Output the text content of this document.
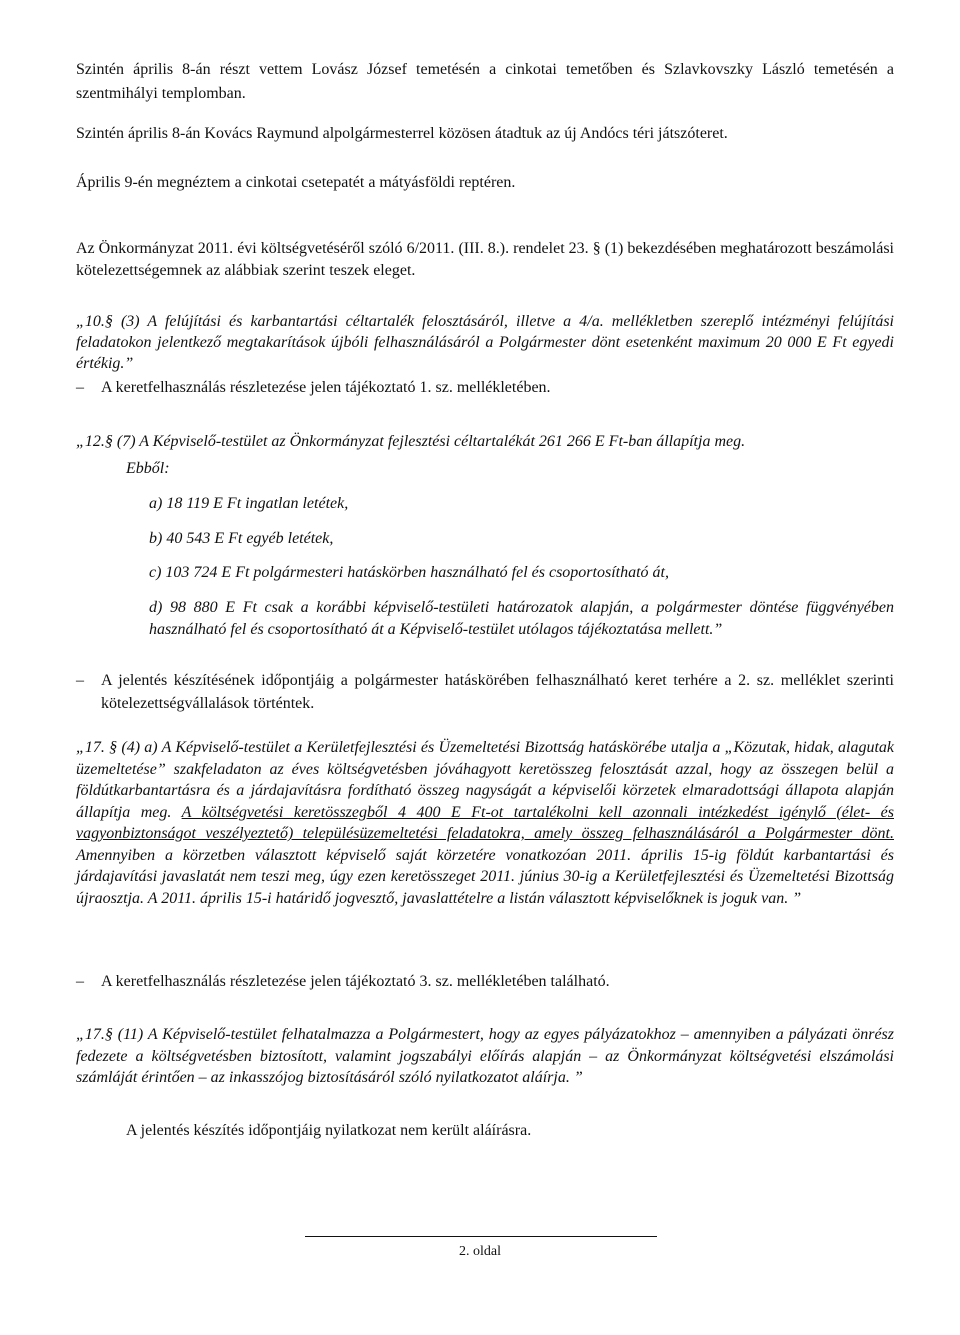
Szintén április 8-án részt vettem Lovász József temetésén a cinkotai temetőben és Szlavkovszky László temetésén a szentmihályi templomban.

Szintén április 8-án Kovács Raymund alpolgármesterrel közösen átadtuk az új Andócs téri játszóteret.

Április 9-én megnéztem a cinkotai csetepatét a mátyásföldi reptéren.

Az Önkormányzat 2011. évi költségvetéséről szóló 6/2011. (III. 8.). rendelet 23. § (1) bekezdésében meghatározott beszámolási kötelezettségemnek az alábbiak szerint teszek eleget.

„10.§ (3) A felújítási és karbantartási céltartalék felosztásáról, illetve a 4/a. mellékletben szereplő intézményi felújítási feladatokon jelentkező megtakarítások újbóli felhasználásáról a Polgármester dönt esetenként maximum 20 000 E Ft egyedi értékig.”

– A keretfelhasználás részletezése jelen tájékoztató 1. sz. mellékletében.

„12.§ (7) A Képviselő-testület az Önkormányzat fejlesztési céltartalékát 261 266 E Ft-ban állapítja meg.

Ebből:

a) 18 119 E Ft ingatlan letétek,

b) 40 543 E Ft egyéb letétek,

c) 103 724 E Ft polgármesteri hatáskörben használható fel és csoportosítható át,

d) 98 880 E Ft csak a korábbi képviselő-testületi határozatok alapján, a polgármester döntése függvényében használható fel és csoportosítható át a Képviselő-testület utólagos tájékoztatása mellett.”

– A jelentés készítésének időpontjáig a polgármester hatáskörében felhasználható keret terhére a 2. sz. melléklet szerinti kötelezettségvállalások történtek.

„17. § (4) a) A Képviselő-testület a Kerületfejlesztési és Üzemeltetési Bizottság hatáskörébe utalja a „Közutak, hidak, alagutak üzemeltetése” szakfeladaton az éves költségvetésben jóváhagyott keretösszeg felosztását azzal, hogy az összegen belül a földútkarbantartásra és a járdajavításra fordítható összeg nagyságát a képviselői körzetek elmaradottsági állapota alapján állapítja meg. A költségvetési keretösszegből 4 400 E Ft-ot tartalékolni kell azonnali intézkedést igénylő (élet- és vagyonbiztonságot veszélyeztető) településüzemeltetési feladatokra, amely összeg felhasználásáról a Polgármester dönt. Amennyiben a körzetben választott képviselő saját körzetére vonatkozóan 2011. április 15-ig földút karbantartási és járdajavítási javaslatát nem teszi meg, úgy ezen keretösszeget 2011. június 30-ig a Kerületfejlesztési és Üzemeltetési Bizottság újraosztja. A 2011. április 15-i határidő jogvesztő, javaslattételre a listán választott képviselőknek is joguk van. ”

– A keretfelhasználás részletezése jelen tájékoztató 3. sz. mellékletében található.

„17.§ (11) A Képviselő-testület felhatalmazza a Polgármestert, hogy az egyes pályázatokhoz – amennyiben a pályázati önrész fedezete a költségvetésben biztosított, valamint jogszabályi előírás alapján – az Önkormányzat költségvetési elszámolási számláját érintően – az inkasszójog biztosításáról szóló nyilatkozatot aláírja. ”

A jelentés készítés időpontjáig nyilatkozat nem került aláírásra.

2. oldal
